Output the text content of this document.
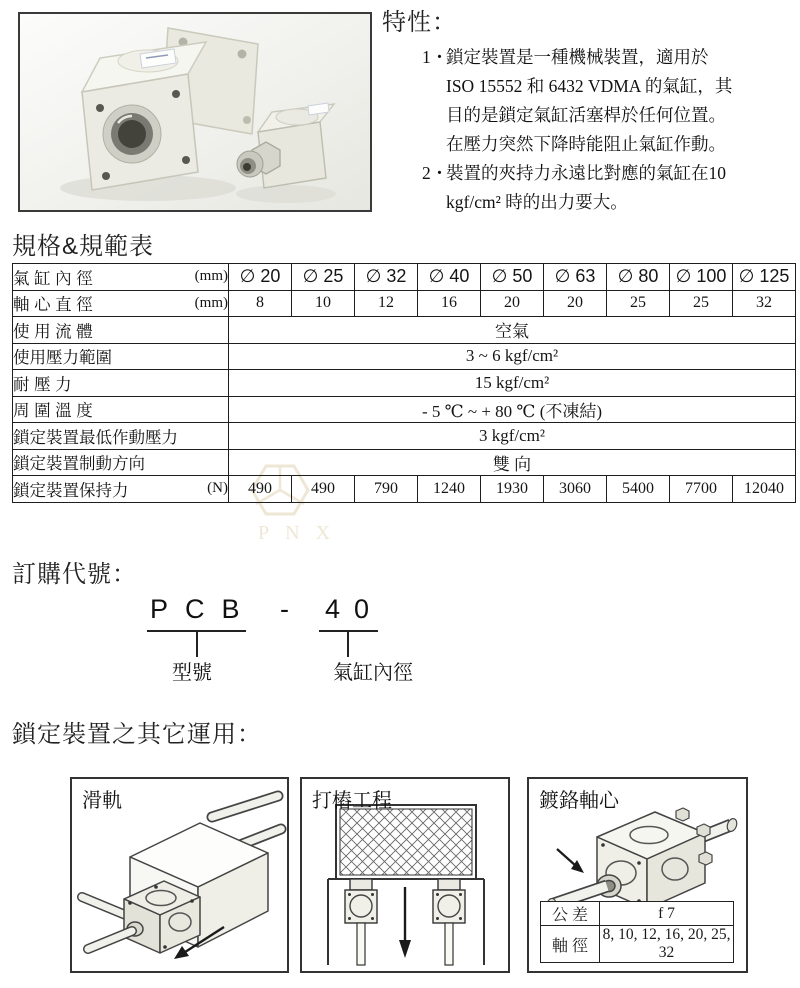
特性：
1・
鎖定裝置是一種機械裝置，適用於
ISO 15552 和 6432 VDMA 的氣缸，其
目的是鎖定氣缸活塞桿於任何位置。
在壓力突然下降時能阻止氣缸作動。
2・
裝置的夾持力永遠比對應的氣缸在10
kgf/cm² 時的出力要大。
規格&規範表
PNX
氣 缸 內 徑 (mm)	∅ 20	∅ 25	∅ 32	∅ 40	∅ 50	∅ 63	∅ 80	∅ 100	∅ 125

軸 心 直 徑 (mm)	8	10	12	16	20	20	25	25	32

使 用 流 體	空氣								

使用壓力範圍	3 ~ 6 kgf/cm²								

耐 壓 力	15 kgf/cm²								

周 圍 溫 度	- 5 ℃ ~ + 80 ℃ (不凍結)								

鎖定裝置最低作動壓力	3 kgf/cm²								

鎖定裝置制動方向	雙 向								

鎖定裝置保持力 (N)	490	490	790	1240	1930	3060	5400	7700	12040
訂購代號：
PCB - 40
型號	氣缸內徑
鎖定裝置之其它運用：
滑軌	打樁工程	鍍鉻軸心
公 差	f 7
軸 徑	8, 10, 12, 16, 20, 25, 32
